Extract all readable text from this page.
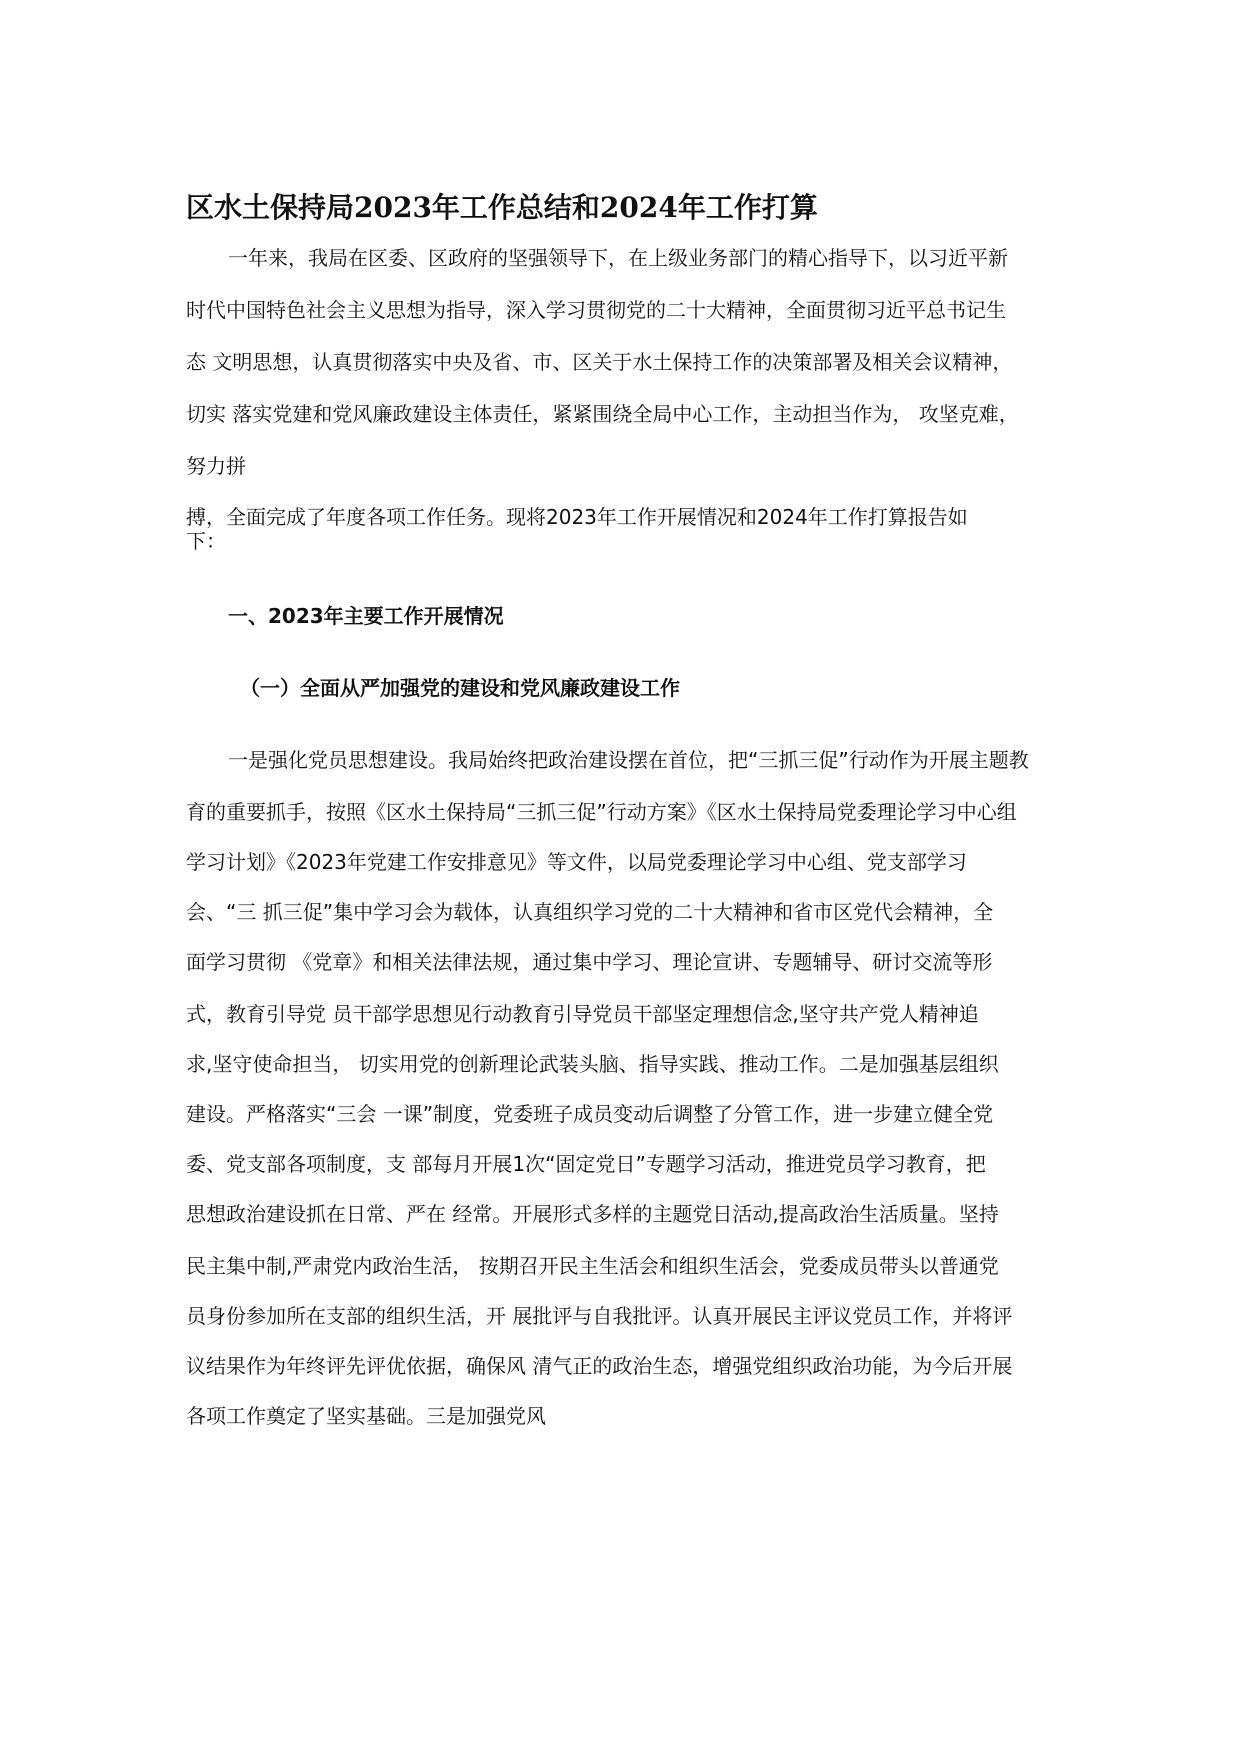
区水土保持局2023年工作总结和2024年工作打算
一年来，我局在区委、区政府的坚强领导下，在上级业务部门的精心指导下，以习近平新
时代中国特色社会主义思想为指导，深入学习贯彻党的二十大精神，全面贯彻习近平总书记生
态 文明思想，认真贯彻落实中央及省、市、区关于水土保持工作的决策部署及相关会议精神，
切实 落实党建和党风廉政建设主体责任，紧紧围绕全局中心工作，主动担当作为， 攻坚克难，
努力拼
搏，全面完成了年度各项工作任务。现将2023年工作开展情况和2024年工作打算报告如
下：
一、2023年主要工作开展情况
（一）全面从严加强党的建设和党风廉政建设工作
一是强化党员思想建设。我局始终把政治建设摆在首位，把“三抓三促”行动作为开展主题教
育的重要抓手，按照《区水土保持局“三抓三促”行动方案》《区水土保持局党委理论学习中心组
学习计划》《2023年党建工作安排意见》等文件，以局党委理论学习中心组、党支部学习
会、“三 抓三促”集中学习会为载体，认真组织学习党的二十大精神和省市区党代会精神，全
面学习贯彻 《党章》和相关法律法规，通过集中学习、理论宣讲、专题辅导、研讨交流等形
式，教育引导党 员干部学思想见行动教育引导党员干部坚定理想信念,坚守共产党人精神追
求,坚守使命担当， 切实用党的创新理论武装头脑、指导实践、推动工作。二是加强基层组织
建设。严格落实“三会 一课”制度，党委班子成员变动后调整了分管工作，进一步建立健全党
委、党支部各项制度，支 部每月开展1次“固定党日”专题学习活动，推进党员学习教育，把
思想政治建设抓在日常、严在 经常。开展形式多样的主题党日活动,提高政治生活质量。坚持
民主集中制,严肃党内政治生活， 按期召开民主生活会和组织生活会，党委成员带头以普通党
员身份参加所在支部的组织生活，开 展批评与自我批评。认真开展民主评议党员工作，并将评
议结果作为年终评先评优依据，确保风 清气正的政治生态，增强党组织政治功能，为今后开展
各项工作奠定了坚实基础。三是加强党风
